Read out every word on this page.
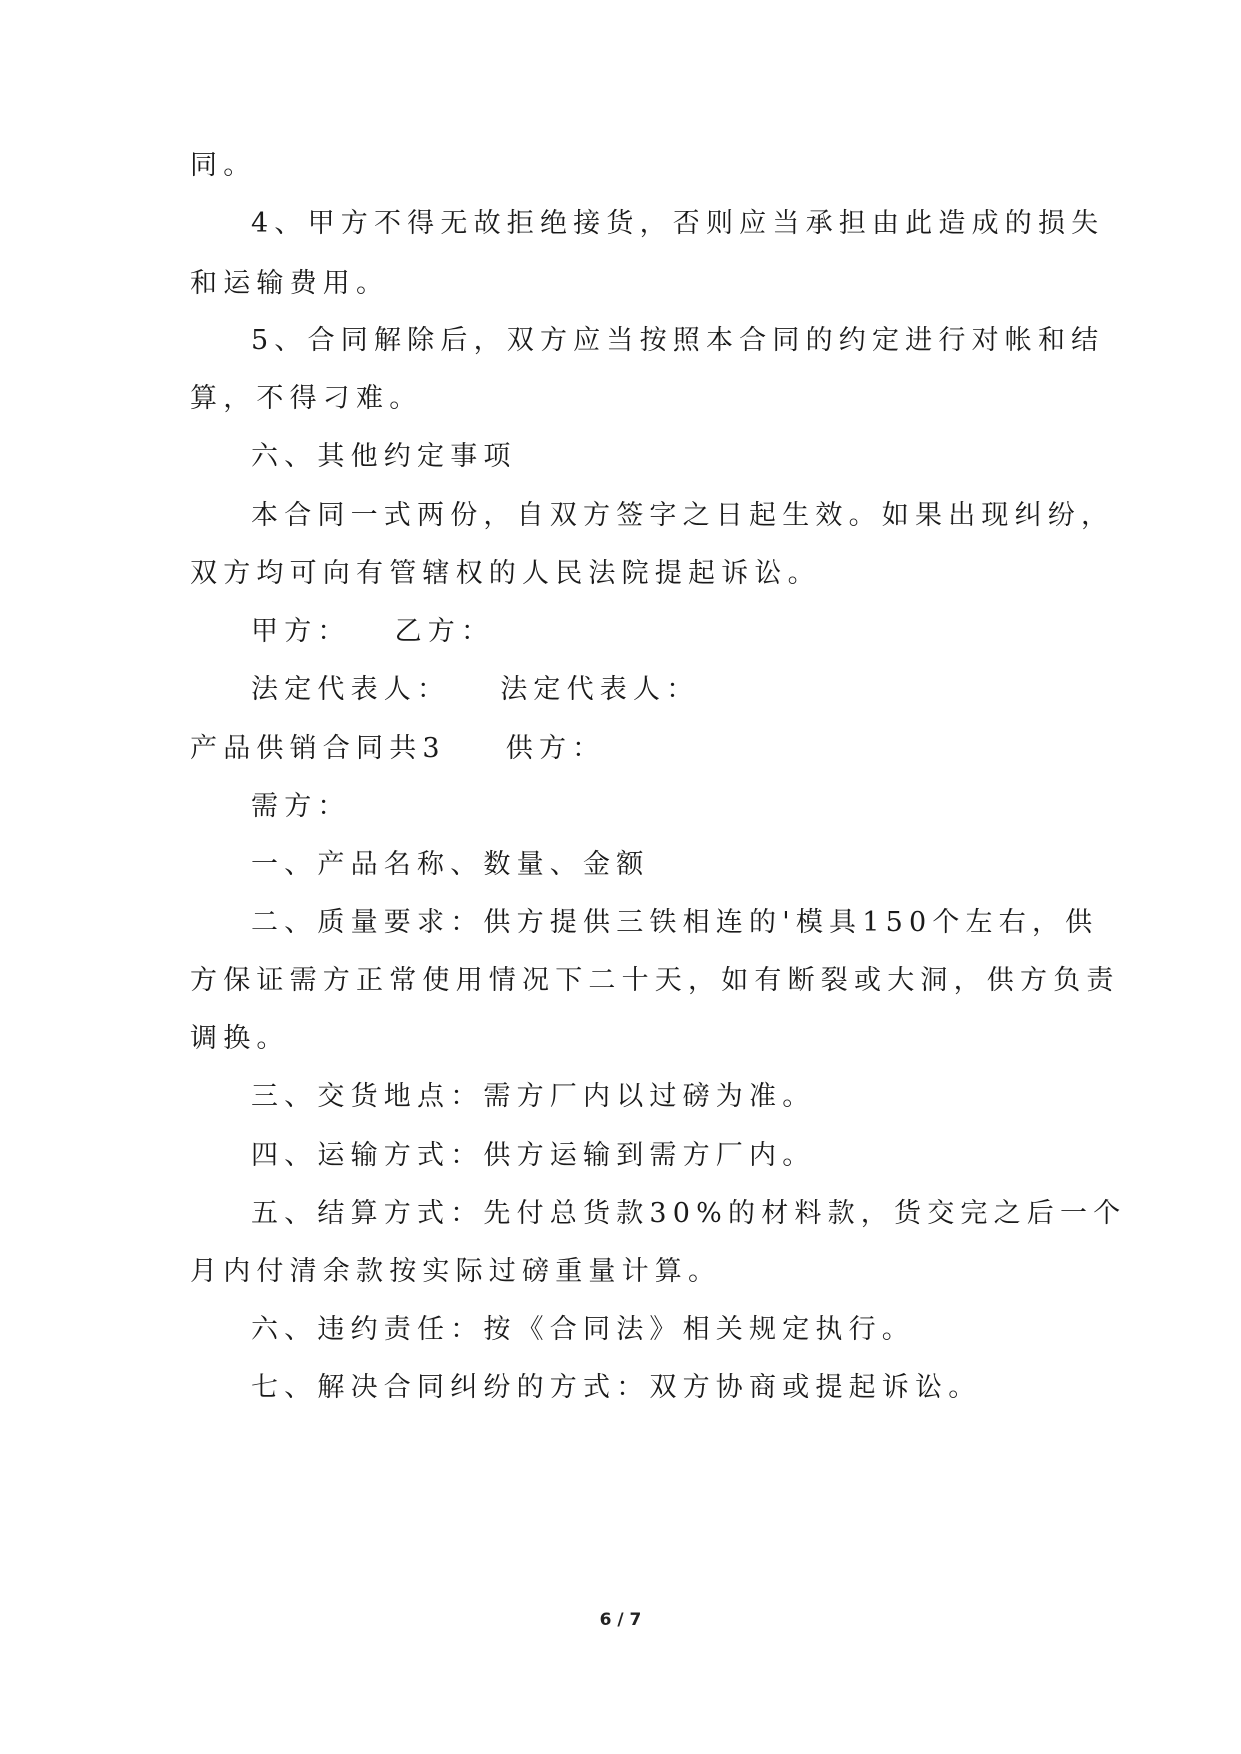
同。
4、甲方不得无故拒绝接货，否则应当承担由此造成的损失
和运输费用。
5、合同解除后，双方应当按照本合同的约定进行对帐和结
算，不得刁难。
六、其他约定事项
本合同一式两份，自双方签字之日起生效。如果出现纠纷，
双方均可向有管辖权的人民法院提起诉讼。
甲方： 乙方：
法定代表人： 法定代表人：
产品供销合同共3 供方：
需方：
一、产品名称、数量、金额
二、质量要求：供方提供三铁相连的'模具150个左右，供
方保证需方正常使用情况下二十天，如有断裂或大洞，供方负责
调换。
三、交货地点：需方厂内以过磅为准。
四、运输方式：供方运输到需方厂内。
五、结算方式：先付总货款30%的材料款，货交完之后一个
月内付清余款按实际过磅重量计算。
六、违约责任：按《合同法》相关规定执行。
七、解决合同纠纷的方式：双方协商或提起诉讼。
6 / 7
